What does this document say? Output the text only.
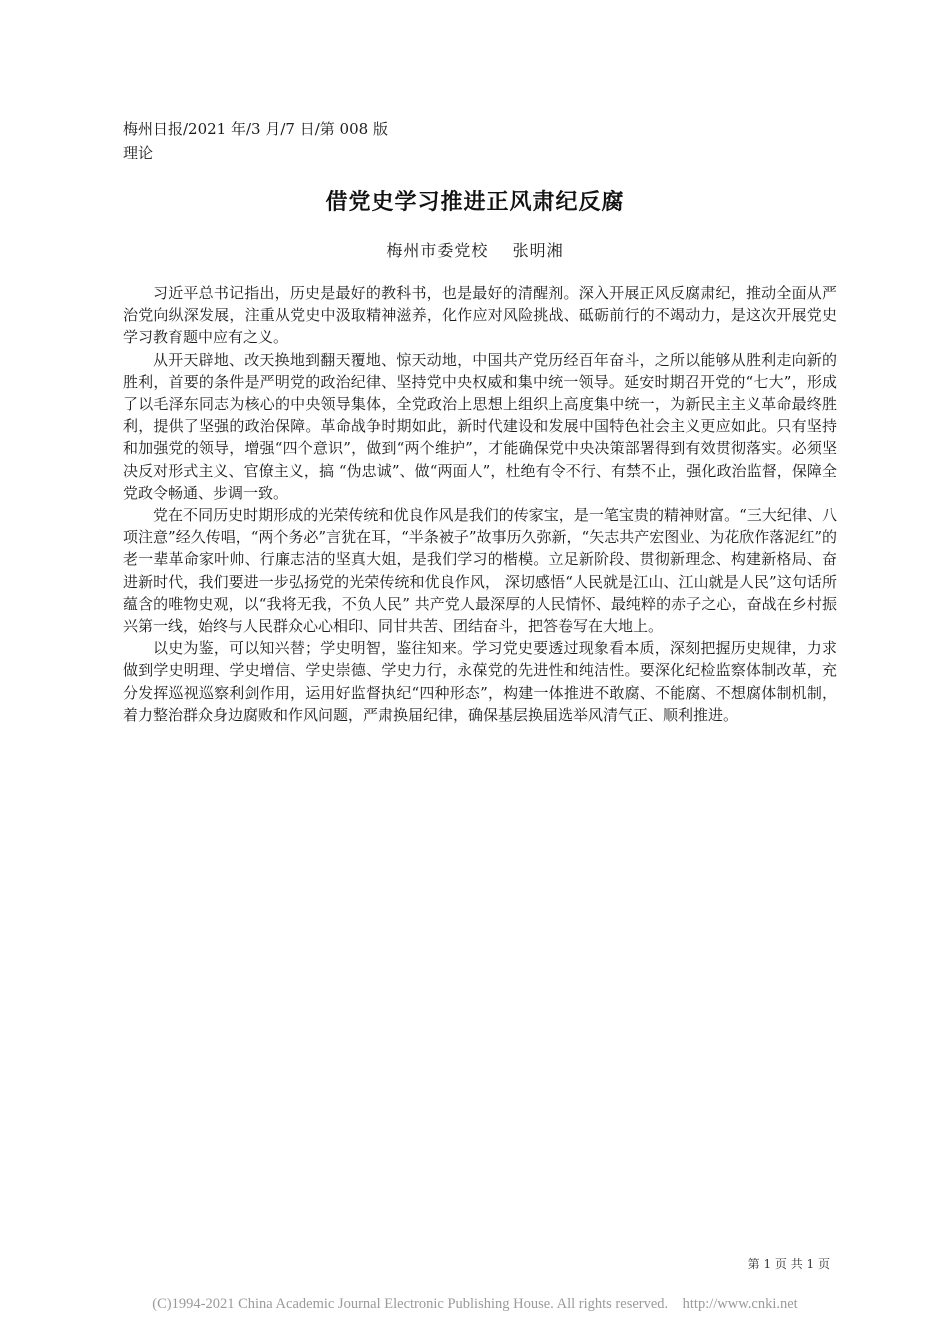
梅州日报/2021 年/3 月/7 日/第 008 版
理论
借党史学习推进正风肃纪反腐
梅州市委党校    张明湘

习近平总书记指出，历史是最好的教科书，也是最好的清醒剂。深入开展正风反腐肃纪，推动全面从严治党向纵深发展，注重从党史中汲取精神滋养，化作应对风险挑战、砥砺前行的不竭动力，是这次开展党史学习教育题中应有之义。

从开天辟地、改天换地到翻天覆地、惊天动地，中国共产党历经百年奋斗，之所以能够从胜利走向新的胜利，首要的条件是严明党的政治纪律、坚持党中央权威和集中统一领导。延安时期召开党的“七大”，形成了以毛泽东同志为核心的中央领导集体，全党政治上思想上组织上高度集中统一，为新民主主义革命最终胜利，提供了坚强的政治保障。革命战争时期如此，新时代建设和发展中国特色社会主义更应如此。只有坚持和加强党的领导，增强“四个意识”，做到“两个维护”，才能确保党中央决策部署得到有效贯彻落实。必须坚决反对形式主义、官僚主义，搞 “伪忠诚”、做“两面人”，杜绝有令不行、有禁不止，强化政治监督，保障全党政令畅通、步调一致。

党在不同历史时期形成的光荣传统和优良作风是我们的传家宝，是一笔宝贵的精神财富。“三大纪律、八项注意”经久传唱，“两个务必”言犹在耳，“半条被子”故事历久弥新，“矢志共产宏图业、为花欣作落泥红”的老一辈革命家叶帅、行廉志洁的坚真大姐，是我们学习的楷模。立足新阶段、贯彻新理念、构建新格局、奋进新时代，我们要进一步弘扬党的光荣传统和优良作风， 深切感悟“人民就是江山、江山就是人民”这句话所蕴含的唯物史观，以“我将无我，不负人民” 共产党人最深厚的人民情怀、最纯粹的赤子之心，奋战在乡村振兴第一线，始终与人民群众心心相印、同甘共苦、团结奋斗，把答卷写在大地上。

以史为鉴，可以知兴替；学史明智，鉴往知来。学习党史要透过现象看本质，深刻把握历史规律，力求做到学史明理、学史增信、学史崇德、学史力行，永葆党的先进性和纯洁性。要深化纪检监察体制改革，充分发挥巡视巡察利剑作用，运用好监督执纪“四种形态”，构建一体推进不敢腐、不能腐、不想腐体制机制，着力整治群众身边腐败和作风问题，严肃换届纪律，确保基层换届选举风清气正、顺利推进。

第 1 页 共 1 页
(C)1994-2021 China Academic Journal Electronic Publishing House. All rights reserved.    http://www.cnki.net
